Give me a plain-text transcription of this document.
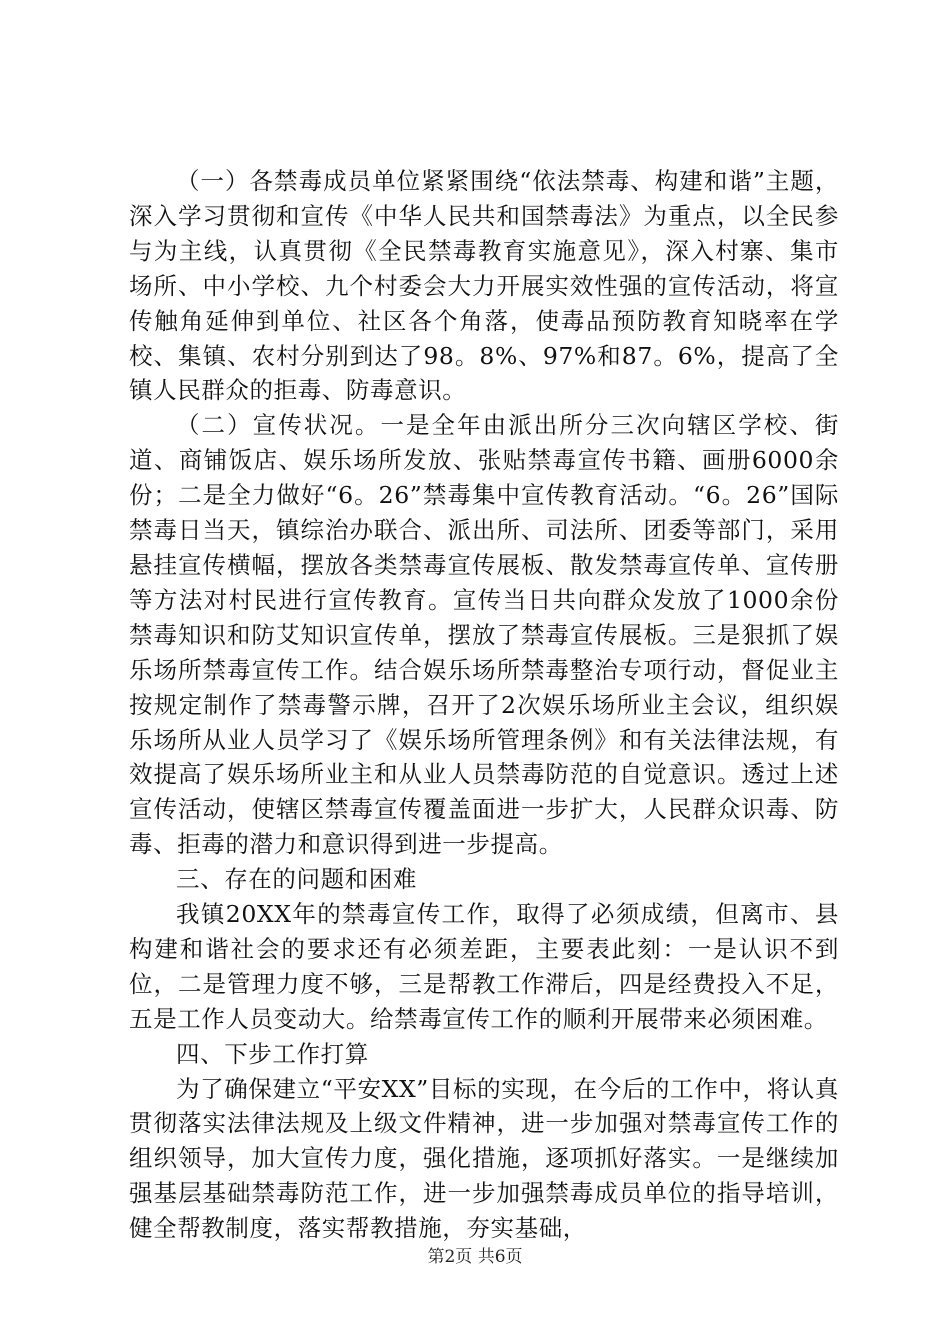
（一）各禁毒成员单位紧紧围绕“依法禁毒、构建和谐”主题，深入学习贯彻和宣传《中华人民共和国禁毒法》为重点，以全民参与为主线，认真贯彻《全民禁毒教育实施意见》，深入村寨、集市场所、中小学校、九个村委会大力开展实效性强的宣传活动，将宣传触角延伸到单位、社区各个角落，使毒品预防教育知晓率在学校、集镇、农村分别到达了98。8%、97%和87。6%，提高了全镇人民群众的拒毒、防毒意识。

（二）宣传状况。一是全年由派出所分三次向辖区学校、街道、商铺饭店、娱乐场所发放、张贴禁毒宣传书籍、画册6000余份；二是全力做好“6。26”禁毒集中宣传教育活动。“6。26”国际禁毒日当天，镇综治办联合、派出所、司法所、团委等部门，采用悬挂宣传横幅，摆放各类禁毒宣传展板、散发禁毒宣传单、宣传册等方法对村民进行宣传教育。宣传当日共向群众发放了1000余份禁毒知识和防艾知识宣传单，摆放了禁毒宣传展板。三是狠抓了娱乐场所禁毒宣传工作。结合娱乐场所禁毒整治专项行动，督促业主按规定制作了禁毒警示牌，召开了2次娱乐场所业主会议，组织娱乐场所从业人员学习了《娱乐场所管理条例》和有关法律法规，有效提高了娱乐场所业主和从业人员禁毒防范的自觉意识。透过上述宣传活动，使辖区禁毒宣传覆盖面进一步扩大，人民群众识毒、防毒、拒毒的潜力和意识得到进一步提高。

三、存在的问题和困难

我镇20XX年的禁毒宣传工作，取得了必须成绩，但离市、县构建和谐社会的要求还有必须差距，主要表此刻：一是认识不到位，二是管理力度不够，三是帮教工作滞后，四是经费投入不足，五是工作人员变动大。给禁毒宣传工作的顺利开展带来必须困难。

四、下步工作打算

为了确保建立“平安XX”目标的实现，在今后的工作中，将认真贯彻落实法律法规及上级文件精神，进一步加强对禁毒宣传工作的组织领导，加大宣传力度，强化措施，逐项抓好落实。一是继续加强基层基础禁毒防范工作，进一步加强禁毒成员单位的指导培训，健全帮教制度，落实帮教措施，夯实基础，

第2页 共6页
